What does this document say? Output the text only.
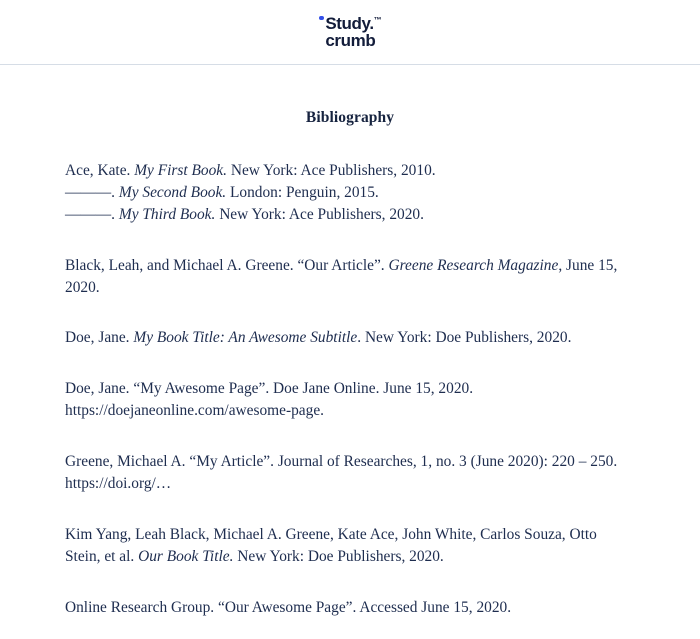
Study.™
crumb
Bibliography

Ace, Kate. My First Book. New York: Ace Publishers, 2010.
———. My Second Book. London: Penguin, 2015.
———. My Third Book. New York: Ace Publishers, 2020.

Black, Leah, and Michael A. Greene. “Our Article”. Greene Research Magazine, June 15, 2020.

Doe, Jane. My Book Title: An Awesome Subtitle. New York: Doe Publishers, 2020.

Doe, Jane. “My Awesome Page”. Doe Jane Online. June 15, 2020. https://doejaneonline.com/awesome-page.

Greene, Michael A. “My Article”. Journal of Researches, 1, no. 3 (June 2020): 220 – 250. https://doi.org/…

Kim Yang, Leah Black, Michael A. Greene, Kate Ace, John White, Carlos Souza, Otto Stein, et al. Our Book Title. New York: Doe Publishers, 2020.

Online Research Group. “Our Awesome Page”. Accessed June 15, 2020.
